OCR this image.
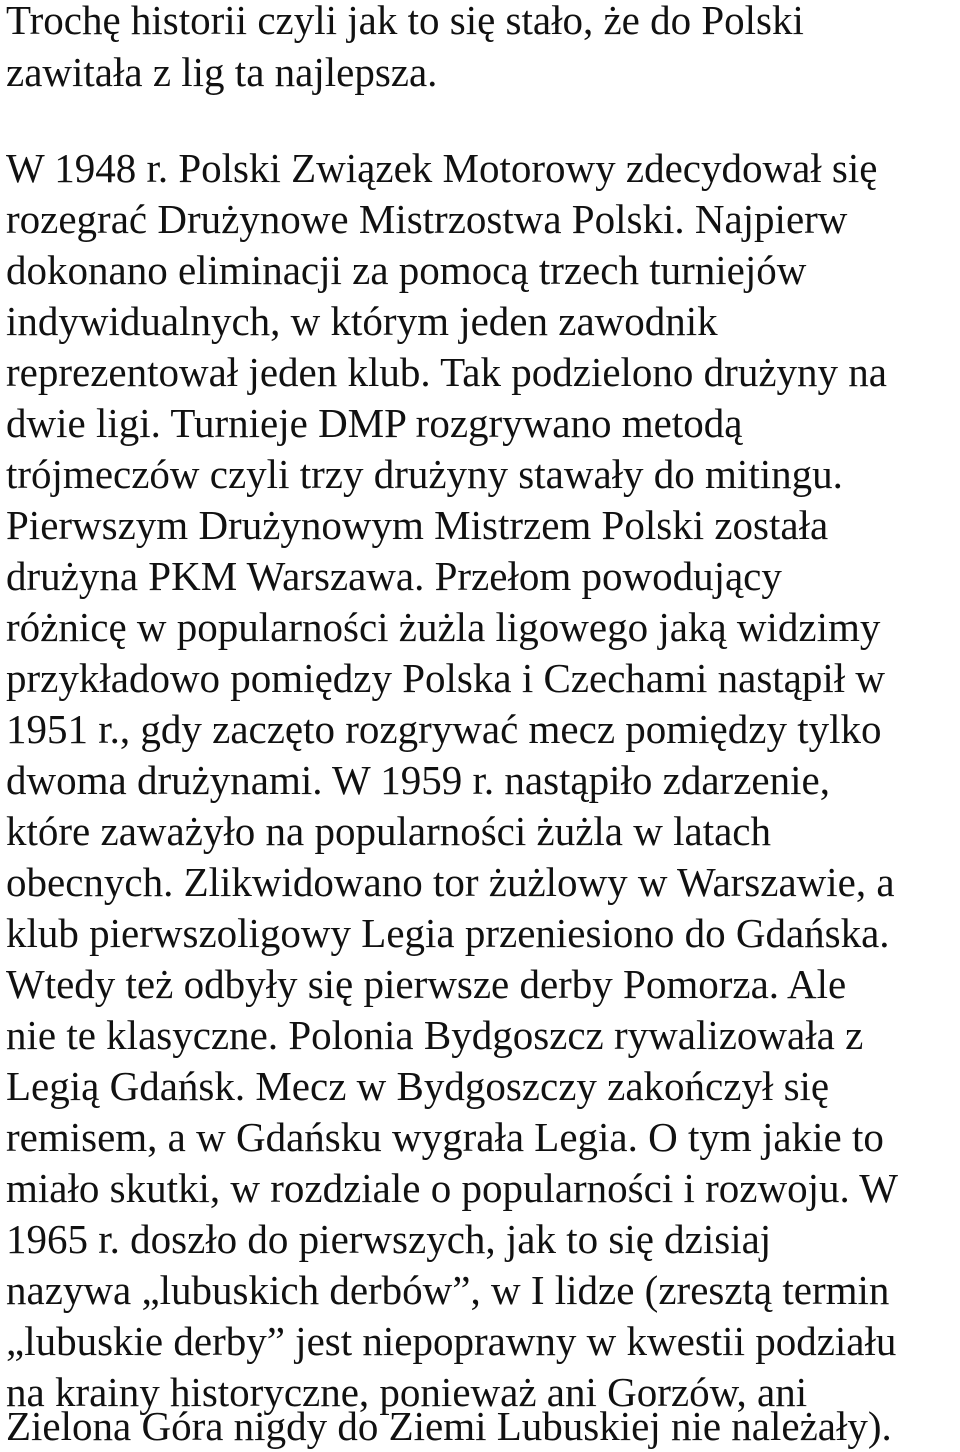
Trochę historii czyli jak to się stało, że do Polski
zawitała z lig ta najlepsza.
W 1948 r. Polski Związek Motorowy zdecydował się
rozegrać Drużynowe Mistrzostwa Polski. Najpierw
dokonano eliminacji za pomocą trzech turniejów
indywidualnych, w którym jeden zawodnik
reprezentował jeden klub. Tak podzielono drużyny na
dwie ligi. Turnieje DMP rozgrywano metodą
trójmeczów czyli trzy drużyny stawały do mitingu.
Pierwszym Drużynowym Mistrzem Polski została
drużyna PKM Warszawa. Przełom powodujący
różnicę w popularności żużla ligowego jaką widzimy
przykładowo pomiędzy Polska i Czechami nastąpił w
1951 r., gdy zaczęto rozgrywać mecz pomiędzy tylko
dwoma drużynami. W 1959 r. nastąpiło zdarzenie,
które zaważyło na popularności żużla w latach
obecnych. Zlikwidowano tor żużlowy w Warszawie, a
klub pierwszoligowy Legia przeniesiono do Gdańska.
Wtedy też odbyły się pierwsze derby Pomorza. Ale
nie te klasyczne. Polonia Bydgoszcz rywalizowała z
Legią Gdańsk. Mecz w Bydgoszczy zakończył się
remisem, a w Gdańsku wygrała Legia. O tym jakie to
miało skutki, w rozdziale o popularności i rozwoju. W
1965 r. doszło do pierwszych, jak to się dzisiaj
nazywa „lubuskich derbów”, w I lidze (zresztą termin
„lubuskie derby” jest niepoprawny w kwestii podziału
na krainy historyczne, ponieważ ani Gorzów, ani
Zielona Góra nigdy do Ziemi Lubuskiej nie należały).
